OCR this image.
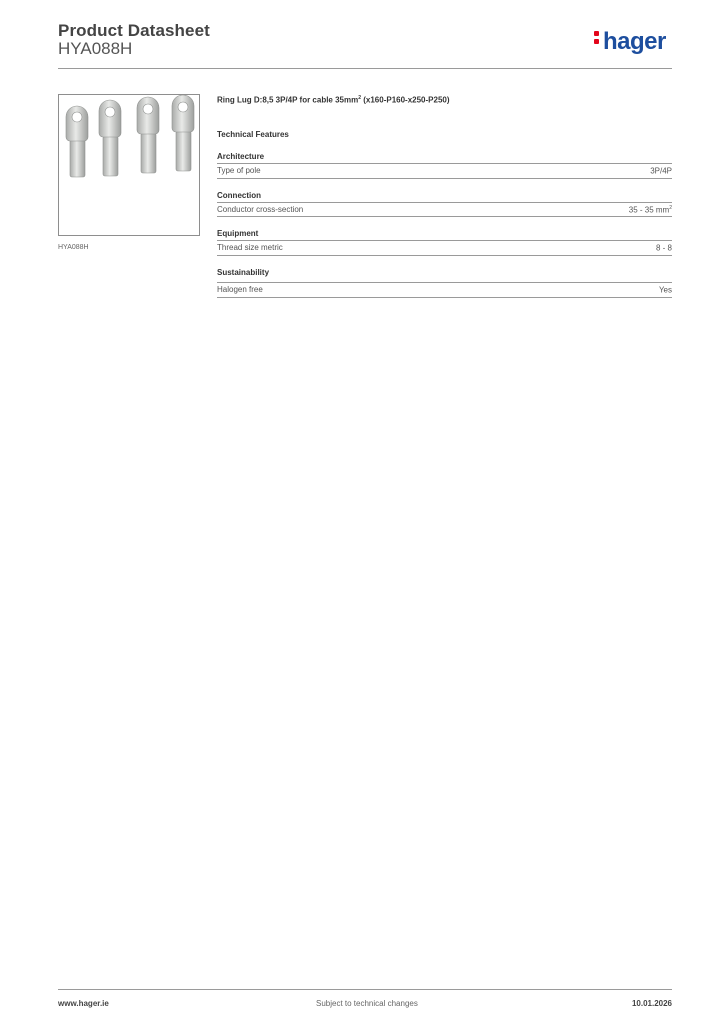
Product Datasheet
HYA088H	hager
HYA088H
Ring Lug D:8,5 3P/4P for cable $35mm^2$ (x160-P160-x250-P250)
Technical Features
Architecture
Type of pole	3P/4P
Connection
Conductor cross-section	35 - 35 $mm^2$
Equipment
Thread size metric	8 - 8
Sustainability
Halogen free	Yes
www.hager.ie	Subject to technical changes	10.01.2026
